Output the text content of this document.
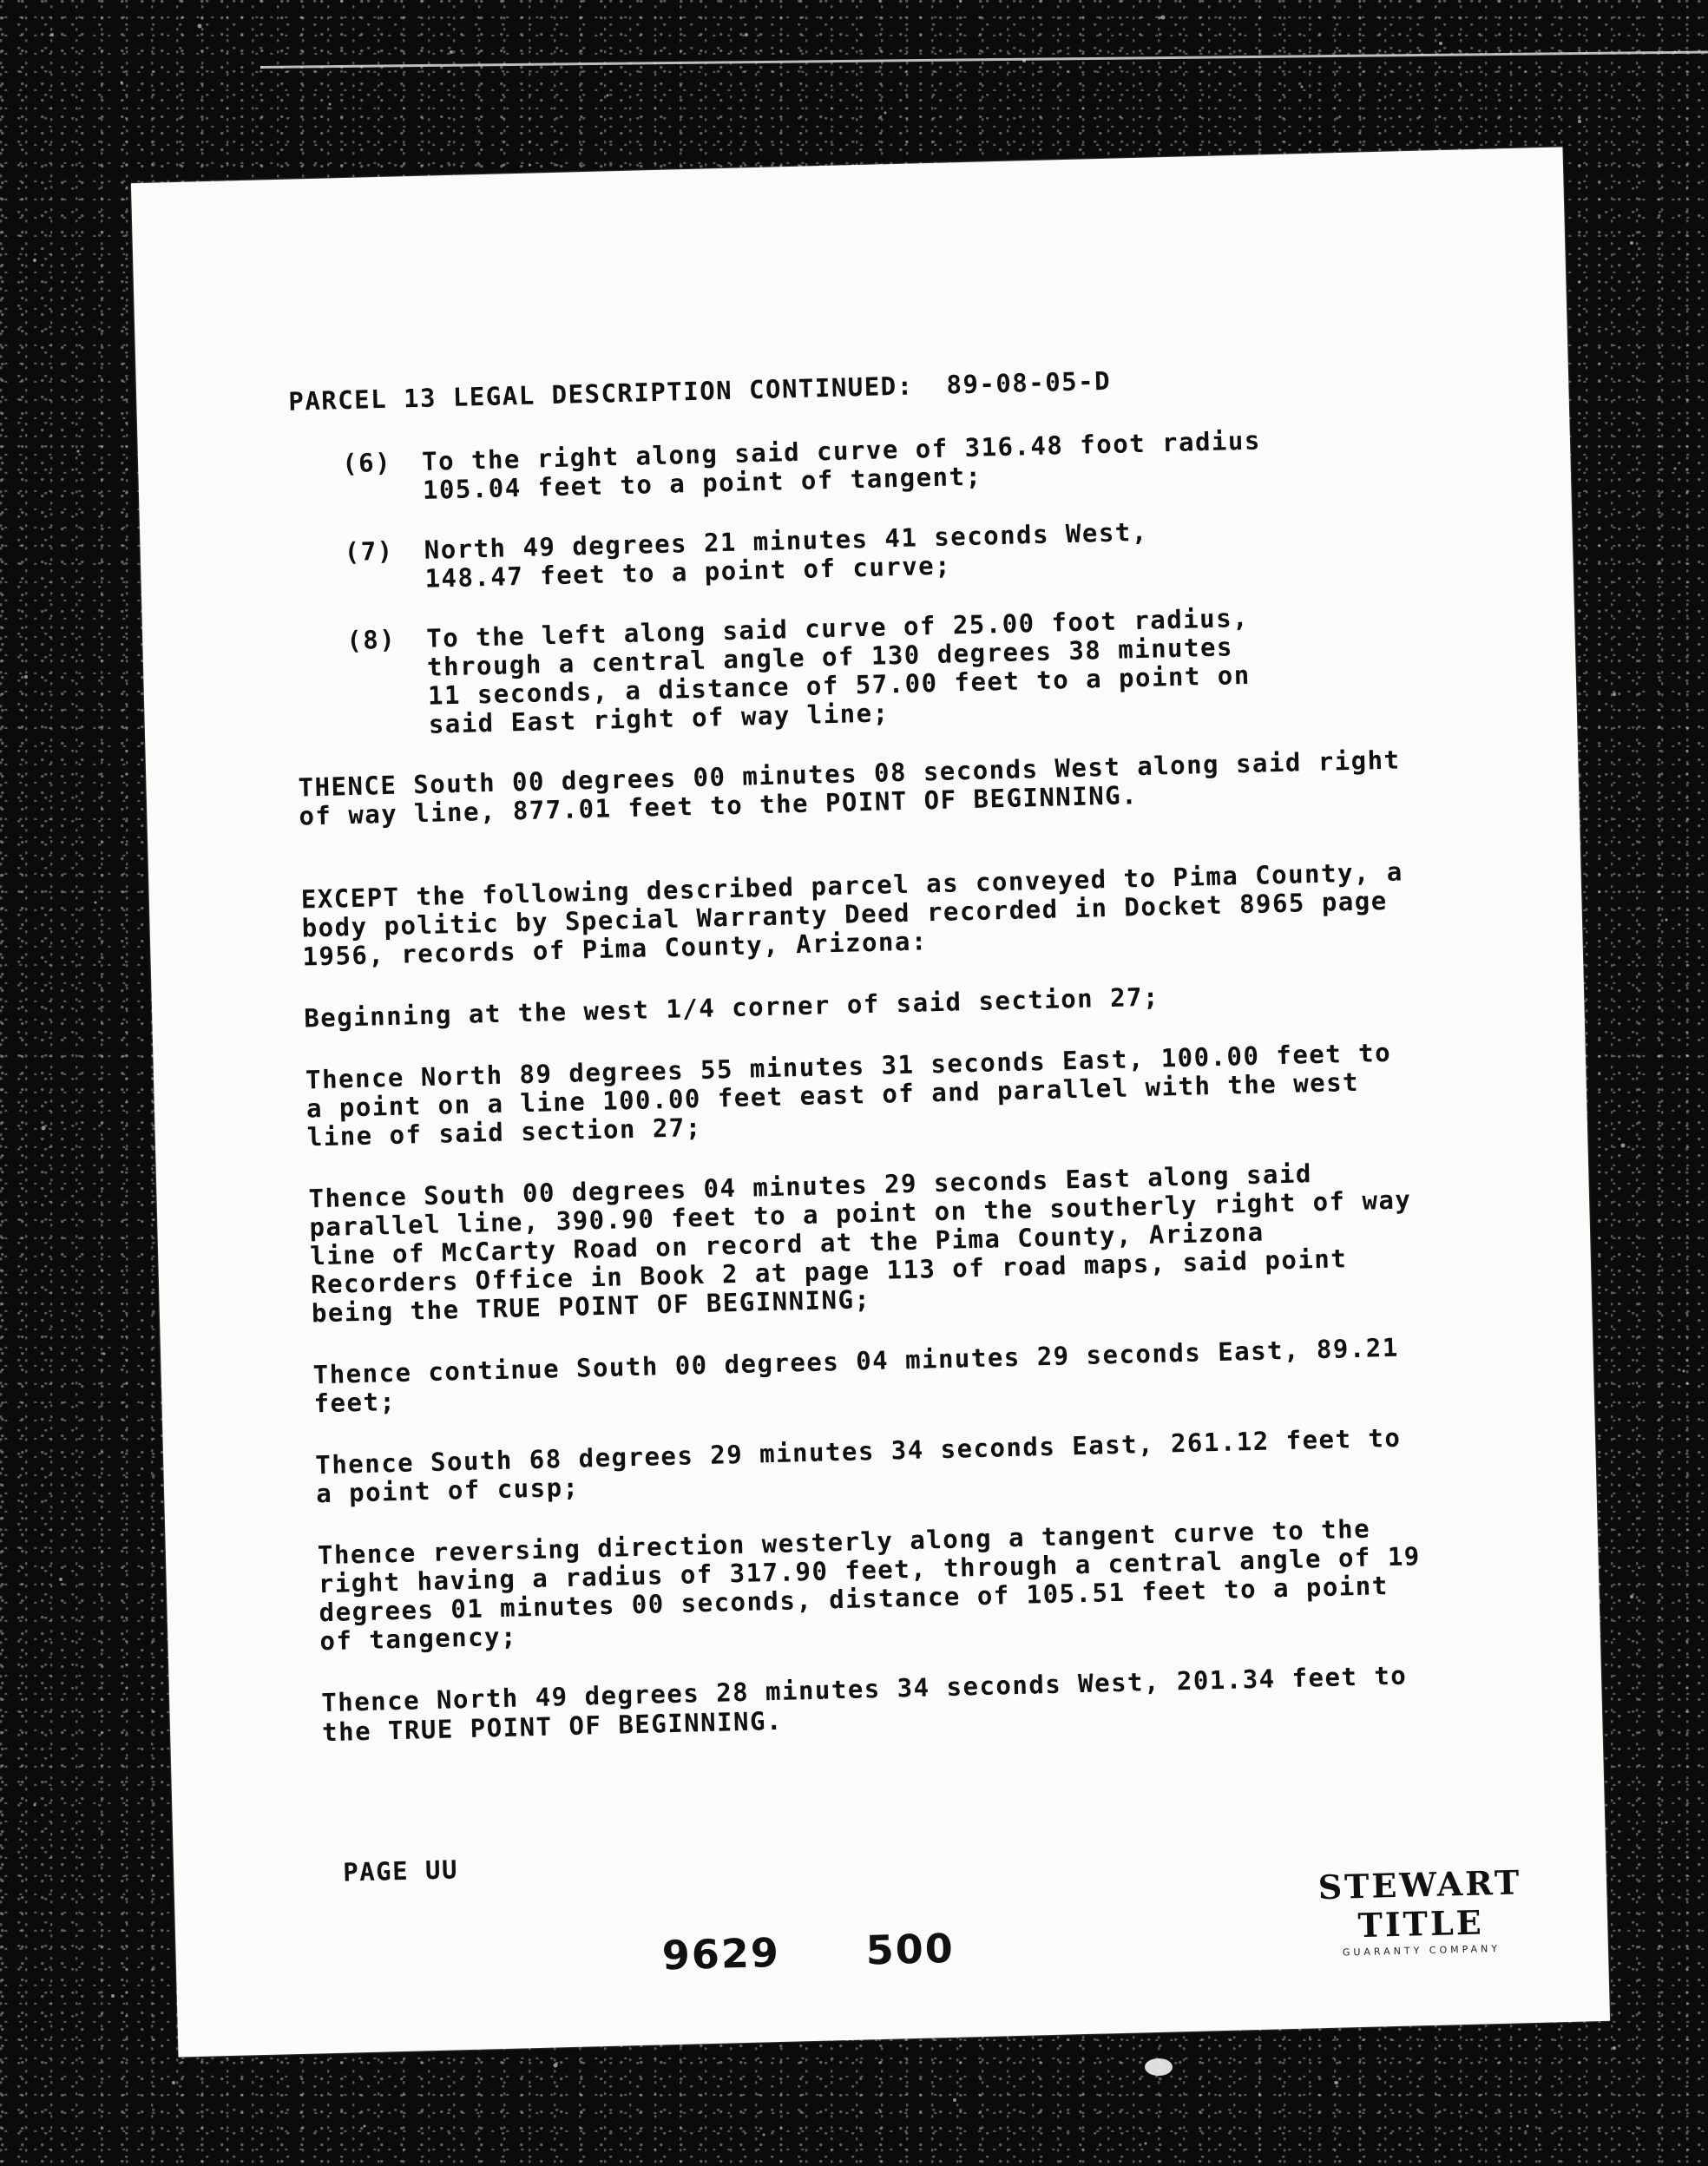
PARCEL 13 LEGAL DESCRIPTION CONTINUED:  89-08-05-D
(6)	To the right along said curve of 316.48 foot radius
105.04 feet to a point of tangent;
(7)	North 49 degrees 21 minutes 41 seconds West,
148.47 feet to a point of curve;
(8)	To the left along said curve of 25.00 foot radius,
through a central angle of 130 degrees 38 minutes
11 seconds, a distance of 57.00 feet to a point on
said East right of way line;
THENCE South 00 degrees 00 minutes 08 seconds West along said right
of way line, 877.01 feet to the POINT OF BEGINNING.
EXCEPT the following described parcel as conveyed to Pima County, a
body politic by Special Warranty Deed recorded in Docket 8965 page
1956, records of Pima County, Arizona:
Beginning at the west 1/4 corner of said section 27;
Thence North 89 degrees 55 minutes 31 seconds East, 100.00 feet to
a point on a line 100.00 feet east of and parallel with the west
line of said section 27;
Thence South 00 degrees 04 minutes 29 seconds East along said
parallel line, 390.90 feet to a point on the southerly right of way
line of McCarty Road on record at the Pima County, Arizona
Recorders Office in Book 2 at page 113 of road maps, said point
being the TRUE POINT OF BEGINNING;
Thence continue South 00 degrees 04 minutes 29 seconds East, 89.21
feet;
Thence South 68 degrees 29 minutes 34 seconds East, 261.12 feet to
a point of cusp;
Thence reversing direction westerly along a tangent curve to the
right having a radius of 317.90 feet, through a central angle of 19
degrees 01 minutes 00 seconds, distance of 105.51 feet to a point
of tangency;
Thence North 49 degrees 28 minutes 34 seconds West, 201.34 feet to
the TRUE POINT OF BEGINNING.
PAGE UU	STEWART TITLE
GUARANTY COMPANY
9629 500
